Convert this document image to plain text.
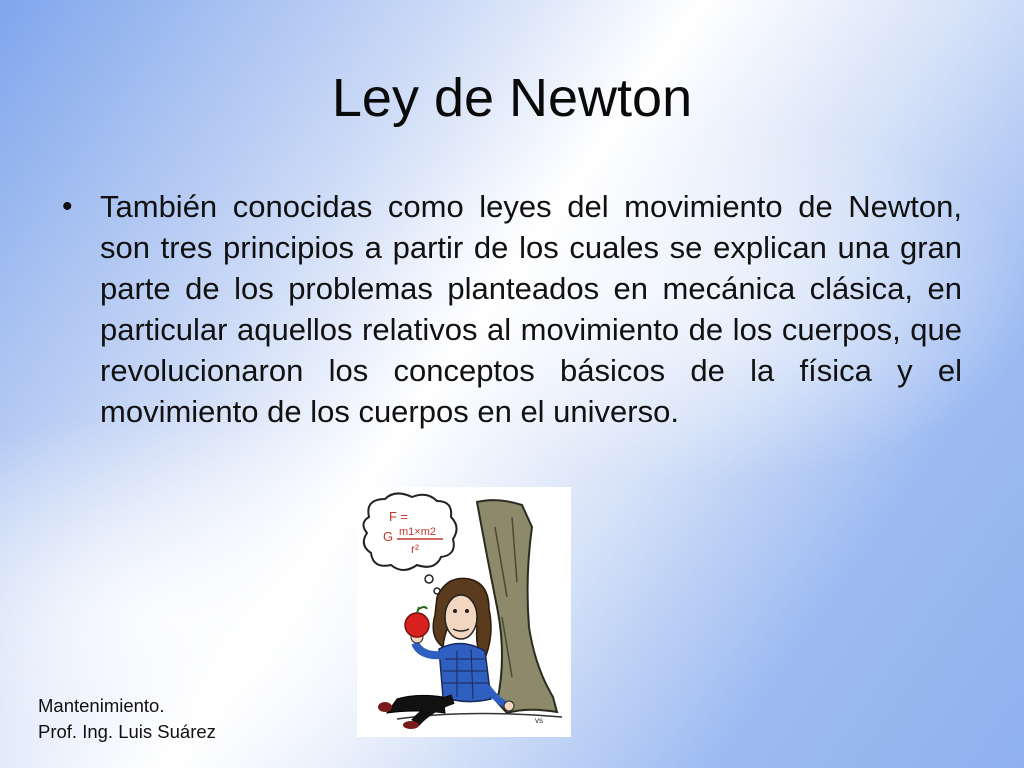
Ley de Newton
• También conocidas como leyes del movimiento de Newton, son tres principios a partir de los cuales se explican una gran parte de los problemas planteados en mecánica clásica, en particular aquellos relativos al movimiento de los cuerpos, que revolucionaron los conceptos básicos de la física y el movimiento de los cuerpos en el universo.
F =
G m1×m2
r²
vs
Mantenimiento.
Prof. Ing. Luis Suárez
